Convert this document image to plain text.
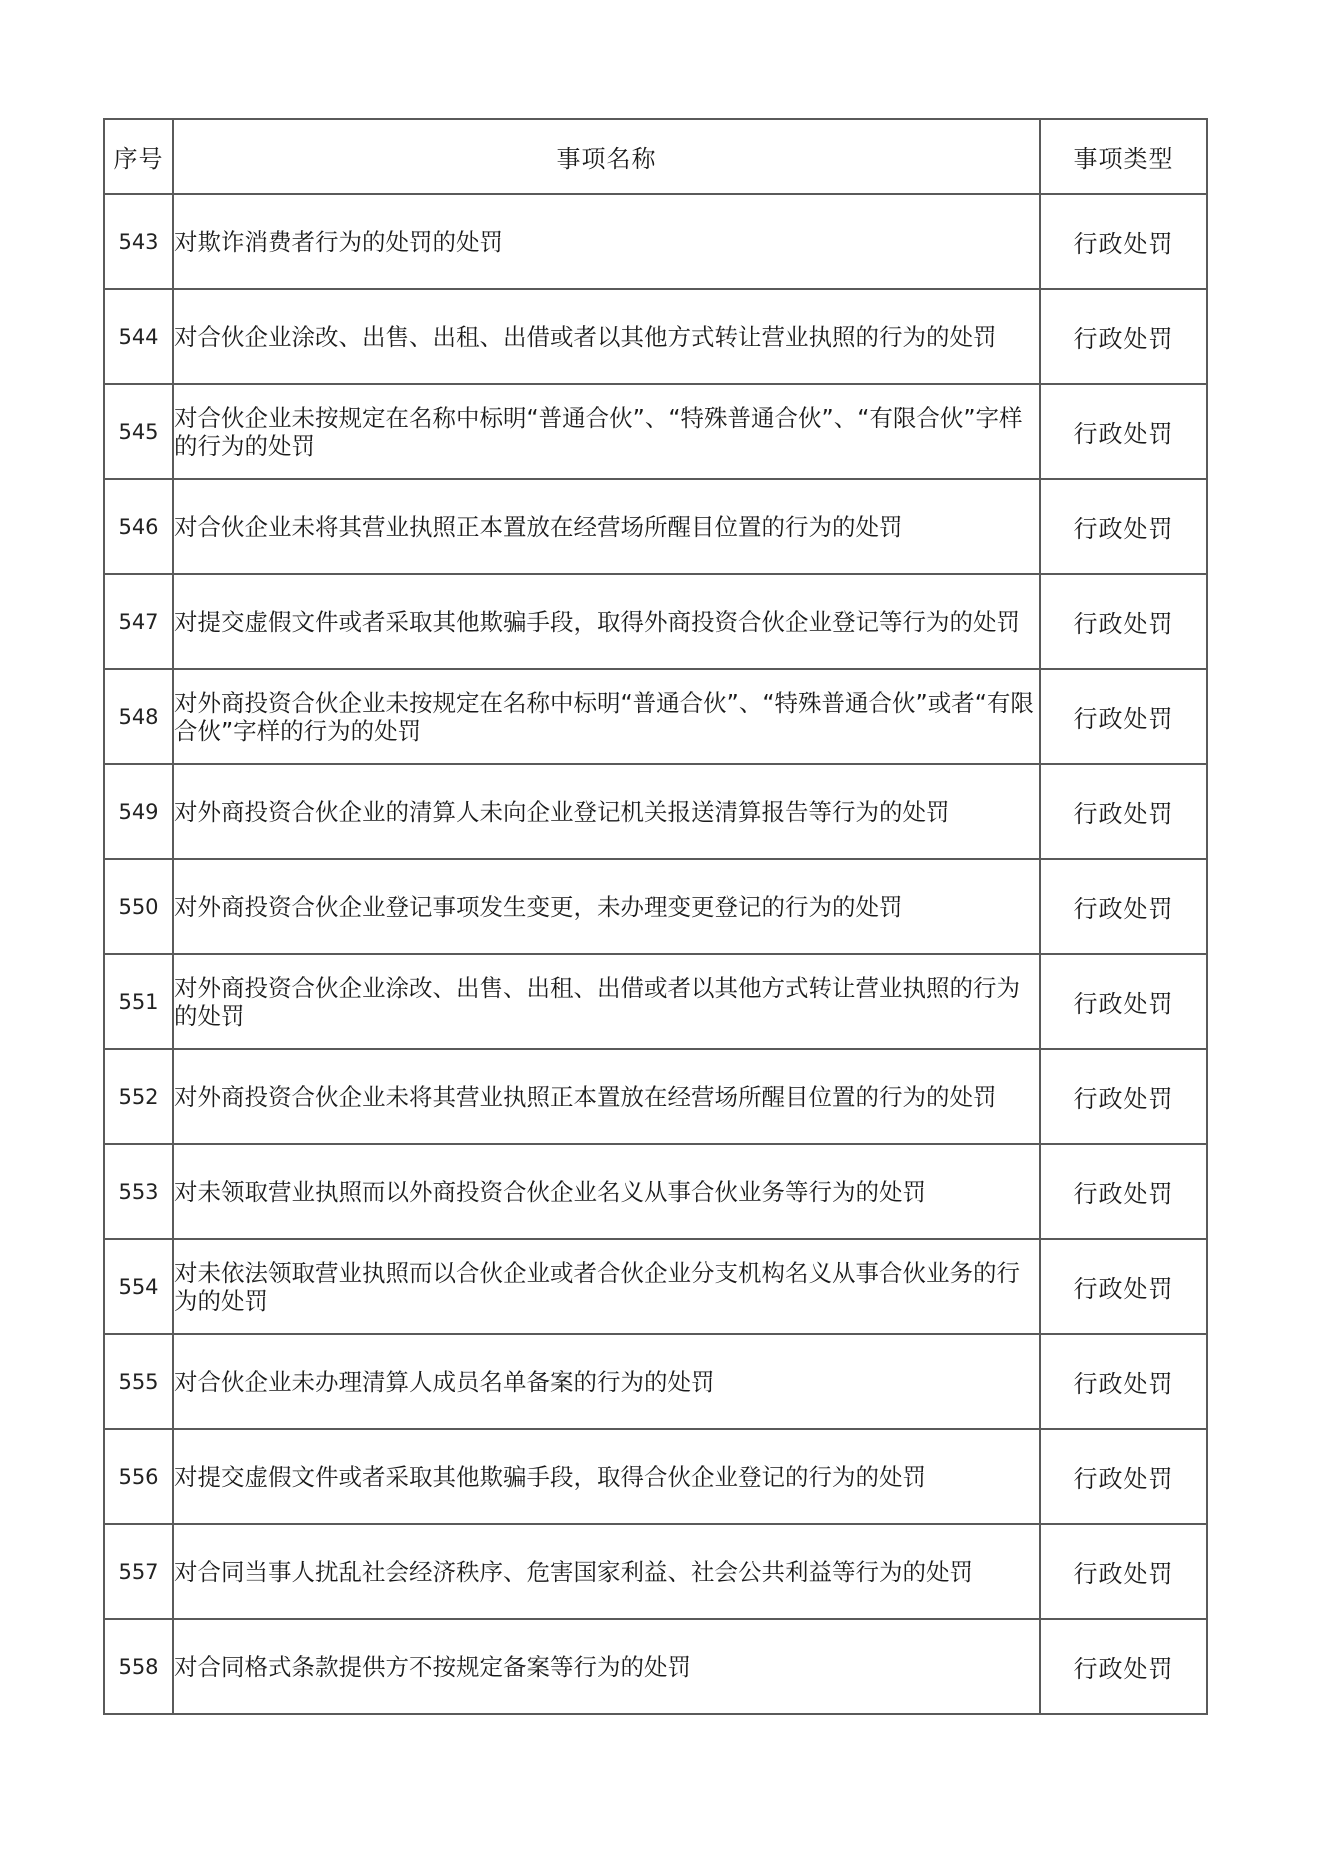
序号	事项名称	事项类型
543	对欺诈消费者行为的处罚的处罚	行政处罚
544	对合伙企业涂改、出售、出租、出借或者以其他方式转让营业执照的行为的处罚	行政处罚
545	对合伙企业未按规定在名称中标明“普通合伙”、“特殊普通合伙”、“有限合伙”字样的行为的处罚	行政处罚
546	对合伙企业未将其营业执照正本置放在经营场所醒目位置的行为的处罚	行政处罚
547	对提交虚假文件或者采取其他欺骗手段，取得外商投资合伙企业登记等行为的处罚	行政处罚
548	对外商投资合伙企业未按规定在名称中标明“普通合伙”、“特殊普通合伙”或者“有限合伙”字样的行为的处罚	行政处罚
549	对外商投资合伙企业的清算人未向企业登记机关报送清算报告等行为的处罚	行政处罚
550	对外商投资合伙企业登记事项发生变更，未办理变更登记的行为的处罚	行政处罚
551	对外商投资合伙企业涂改、出售、出租、出借或者以其他方式转让营业执照的行为的处罚	行政处罚
552	对外商投资合伙企业未将其营业执照正本置放在经营场所醒目位置的行为的处罚	行政处罚
553	对未领取营业执照而以外商投资合伙企业名义从事合伙业务等行为的处罚	行政处罚
554	对未依法领取营业执照而以合伙企业或者合伙企业分支机构名义从事合伙业务的行为的处罚	行政处罚
555	对合伙企业未办理清算人成员名单备案的行为的处罚	行政处罚
556	对提交虚假文件或者采取其他欺骗手段，取得合伙企业登记的行为的处罚	行政处罚
557	对合同当事人扰乱社会经济秩序、危害国家利益、社会公共利益等行为的处罚	行政处罚
558	对合同格式条款提供方不按规定备案等行为的处罚	行政处罚
